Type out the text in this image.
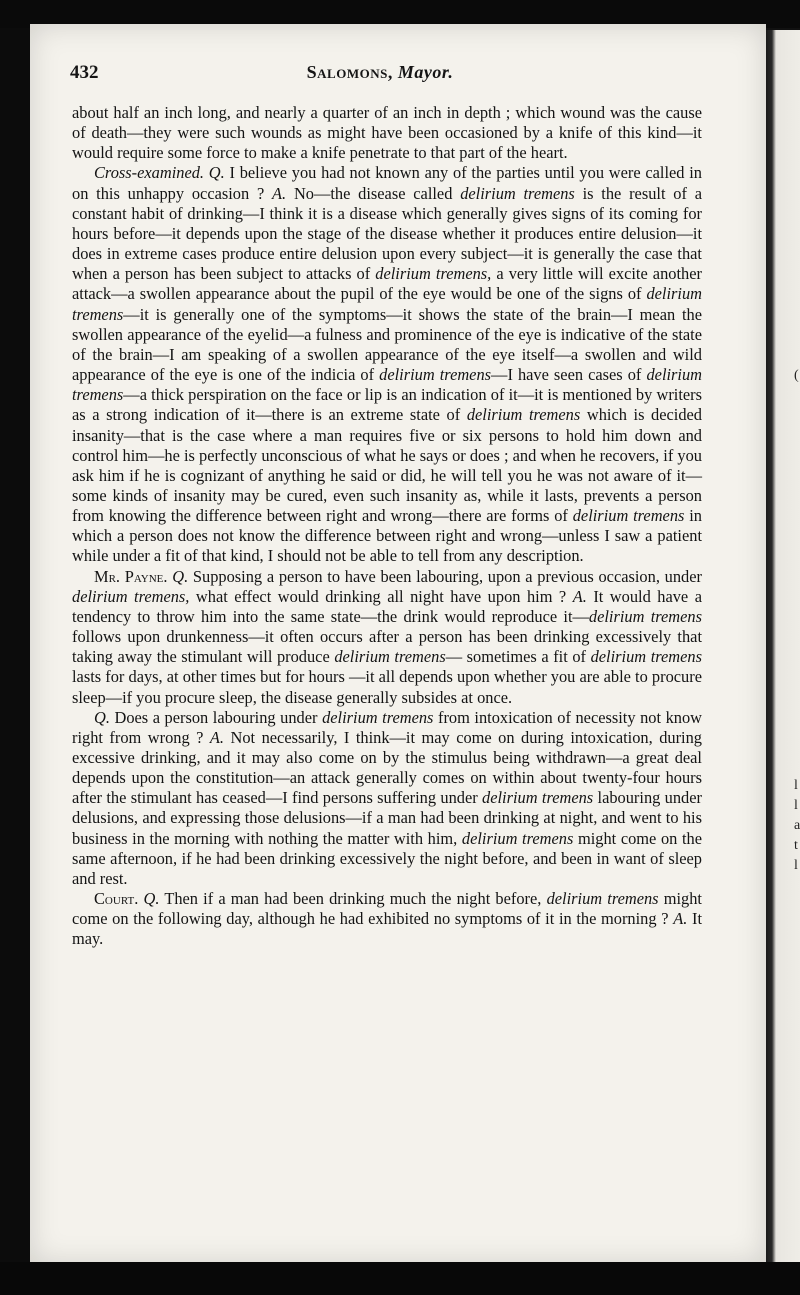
(
l
l
a
t
l
432	Salomons, Mayor.

about half an inch long, and nearly a quarter of an inch in depth ; which wound was the cause of death—they were such wounds as might have been occasioned by a knife of this kind—it would require some force to make a knife penetrate to that part of the heart.

Cross-examined. Q. I believe you had not known any of the parties until you were called in on this unhappy occasion ? A. No—the disease called delirium tremens is the result of a constant habit of drinking—I think it is a disease which generally gives signs of its coming for hours before—it depends upon the stage of the disease whether it produces entire delusion—it does in extreme cases produce entire delusion upon every subject—it is generally the case that when a person has been subject to attacks of delirium tremens, a very little will excite another attack—a swollen appearance about the pupil of the eye would be one of the signs of delirium tremens—it is generally one of the symptoms—it shows the state of the brain—I mean the swollen appearance of the eyelid—a fulness and prominence of the eye is indicative of the state of the brain—I am speaking of a swollen appearance of the eye itself—a swollen and wild appearance of the eye is one of the indicia of delirium tremens—I have seen cases of delirium tremens—a thick perspiration on the face or lip is an indication of it—it is mentioned by writers as a strong indication of it—there is an extreme state of delirium tremens which is decided insanity—that is the case where a man requires five or six persons to hold him down and control him—he is perfectly unconscious of what he says or does ; and when he recovers, if you ask him if he is cognizant of anything he said or did, he will tell you he was not aware of it—some kinds of insanity may be cured, even such insanity as, while it lasts, prevents a person from knowing the difference between right and wrong—there are forms of delirium tremens in which a person does not know the difference between right and wrong—unless I saw a patient while under a fit of that kind, I should not be able to tell from any description.

Mr. Payne. Q. Supposing a person to have been labouring, upon a previous occasion, under delirium tremens, what effect would drinking all night have upon him ? A. It would have a tendency to throw him into the same state—the drink would reproduce it—delirium tremens follows upon drunkenness—it often occurs after a person has been drinking excessively that taking away the stimulant will produce delirium tremens— sometimes a fit of delirium tremens lasts for days, at other times but for hours —it all depends upon whether you are able to procure sleep—if you procure sleep, the disease generally subsides at once.

Q. Does a person labouring under delirium tremens from intoxication of necessity not know right from wrong ? A. Not necessarily, I think—it may come on during intoxication, during excessive drinking, and it may also come on by the stimulus being withdrawn—a great deal depends upon the constitution—an attack generally comes on within about twenty-four hours after the stimulant has ceased—I find persons suffering under delirium tremens labouring under delusions, and expressing those delusions—if a man had been drinking at night, and went to his business in the morning with nothing the matter with him, delirium tremens might come on the same afternoon, if he had been drinking excessively the night before, and been in want of sleep and rest.

Court. Q. Then if a man had been drinking much the night before, delirium tremens might come on the following day, although he had exhibited no symptoms of it in the morning ? A. It may.
